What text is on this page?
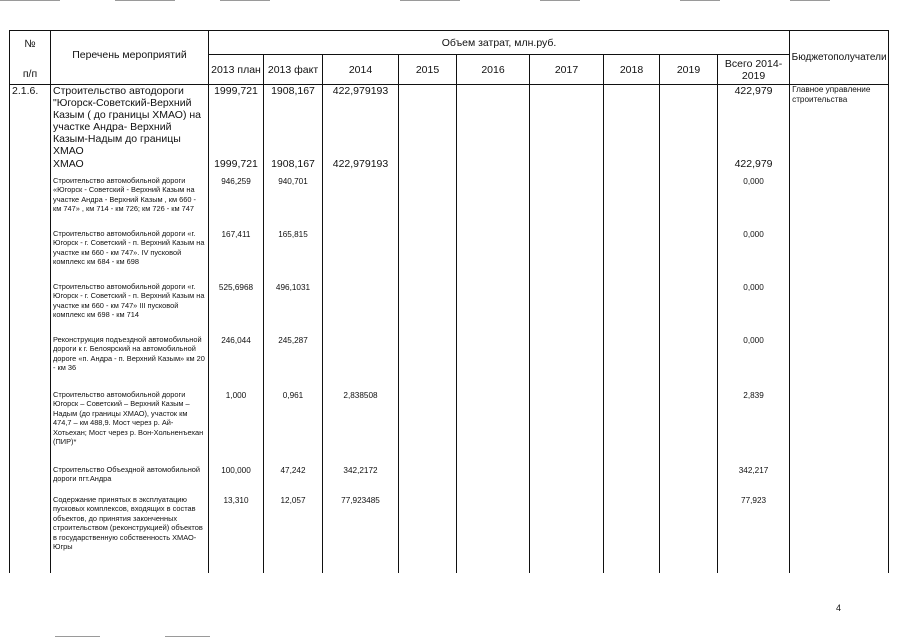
№
п/п	Перечень мероприятий	Объем затрат, млн.руб.									Бюджетополучатели
		2013 план	2013 факт	2014	2015	2016	2017	2018	2019	Всего 2014-2019	
2.1.6.	Строительство автодороги "Югорск-Советский-Верхний Казым ( до границы ХМАО) на участке Андра- Верхний Казым-Надым до границы ХМАО	1999,721	1908,167	422,979193						422,979	Главное управление строительства
	ХМАО	1999,721	1908,167	422,979193						422,979	
	Строительство автомобильной дороги «Югорск - Советский - Верхний Казым на участке Андра - Верхний Казым , км 660 - км 747» , км 714 - км 726; км 726 - км 747	946,259	940,701							0,000	
	Строительство автомобильной дороги «г. Югорск - г. Советский - п. Верхний Казым на участке км 660 - км 747». IV пусковой комплекс км 684 - км 698	167,411	165,815							0,000	
	Строительство автомобильной дороги «г. Югорск - г. Советский - п. Верхний Казым на участке км 660 - км 747» III пусковой комплекс км 698 - км 714	525,6968	496,1031							0,000	
	Реконструкция подъездной автомобильной дороги к г. Белоярский на автомобильной дороге «п. Андра - п. Верхний Казым» км 20 - км 36	246,044	245,287							0,000	
	Строительство автомобильной дороги Югорск – Советский – Верхний Казым – Надым (до границы ХМАО), участок км 474,7 – км 488,9. Мост через р. Ай-Хотьехан; Мост через р. Вон-Хольненъехан (ПИР)*	1,000	0,961	2,838508						2,839	
	Строительство Объездной автомобильной дороги пгт.Андра	100,000	47,242	342,2172						342,217	
	Содержание принятых в эксплуатацию пусковых комплексов, входящих в состав объектов, до принятия законченных строительством (реконструкцией) объектов в государственную собственность ХМАО-Югры	13,310	12,057	77,923485						77,923	
4
